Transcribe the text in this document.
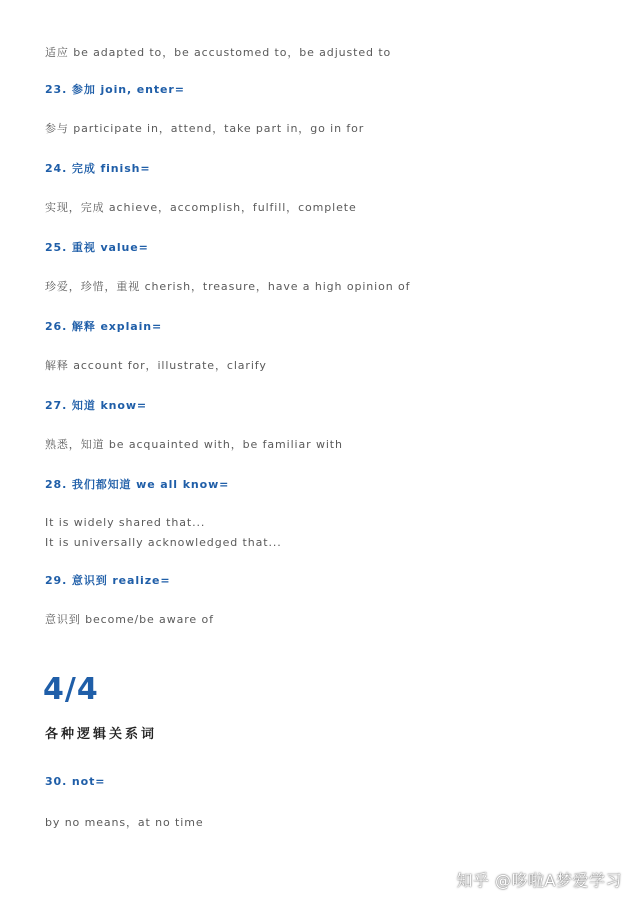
适应 be adapted to，be accustomed to，be adjusted to
23. 参加 join, enter=
参与 participate in，attend，take part in，go in for
24. 完成 finish=
实现，完成 achieve，accomplish，fulfill，complete
25. 重视 value=
珍爱，珍惜，重视 cherish，treasure，have a high opinion of
26. 解释 explain=
解释 account for，illustrate，clarify
27. 知道 know=
熟悉，知道 be acquainted with，be familiar with
28. 我们都知道 we all know=
It is widely shared that...
It is universally acknowledged that...
29. 意识到 realize=
意识到 become/be aware of
4/4
各种逻辑关系词
30. not=
by no means，at no time
知乎 @哆啦A梦爱学习
